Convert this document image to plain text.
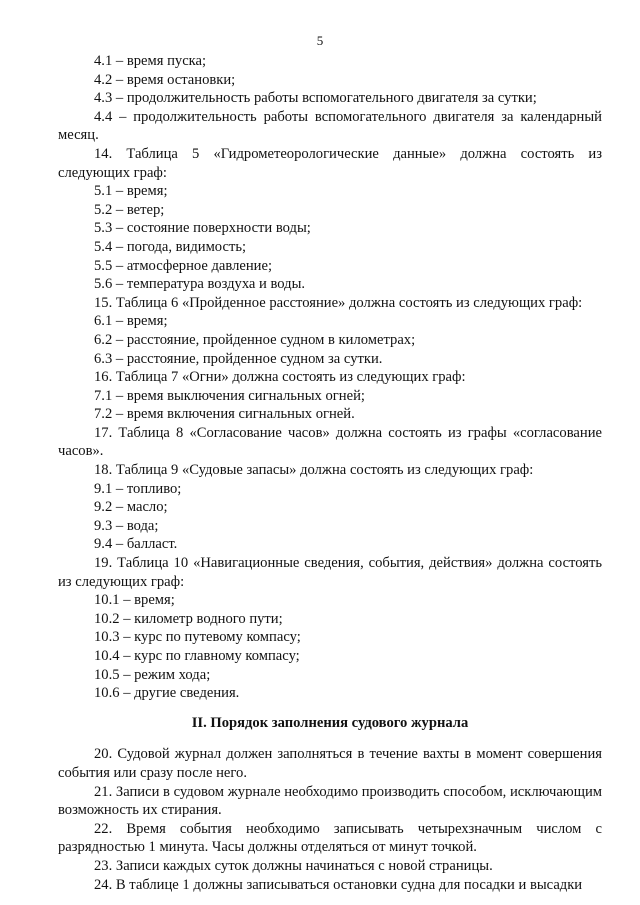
5

4.1 – время пуска;

4.2 – время остановки;

4.3 – продолжительность работы вспомогательного двигателя за сутки;

4.4 – продолжительность работы вспомогательного двигателя за календарный месяц.

14. Таблица 5 «Гидрометеорологические данные» должна состоять из следующих граф:

5.1 – время;

5.2 – ветер;

5.3 – состояние поверхности воды;

5.4 – погода, видимость;

5.5 – атмосферное давление;

5.6 – температура воздуха и воды.

15. Таблица 6 «Пройденное расстояние» должна состоять из следующих граф:

6.1 – время;

6.2 – расстояние, пройденное судном в километрах;

6.3 – расстояние, пройденное судном за сутки.

16. Таблица 7 «Огни» должна состоять из следующих граф:

7.1 – время выключения сигнальных огней;

7.2 – время включения сигнальных огней.

17. Таблица 8 «Согласование часов» должна состоять из графы «согласование часов».

18. Таблица 9 «Судовые запасы» должна состоять из следующих граф:

9.1 – топливо;

9.2 – масло;

9.3 – вода;

9.4 – балласт.

19. Таблица 10 «Навигационные сведения, события, действия» должна состоять из следующих граф:

10.1 – время;

10.2 – километр водного пути;

10.3 – курс по путевому компасу;

10.4 – курс по главному компасу;

10.5 – режим хода;

10.6 – другие сведения.

II. Порядок заполнения судового журнала

20. Судовой журнал должен заполняться в течение вахты в момент совершения события или сразу после него.

21. Записи в судовом журнале необходимо производить способом, исключающим возможность их стирания.

22. Время события необходимо записывать четырехзначным числом с разрядностью 1 минута. Часы должны отделяться от минут точкой.

23. Записи каждых суток должны начинаться с новой страницы.

24. В таблице 1 должны записываться остановки судна для посадки и высадки
